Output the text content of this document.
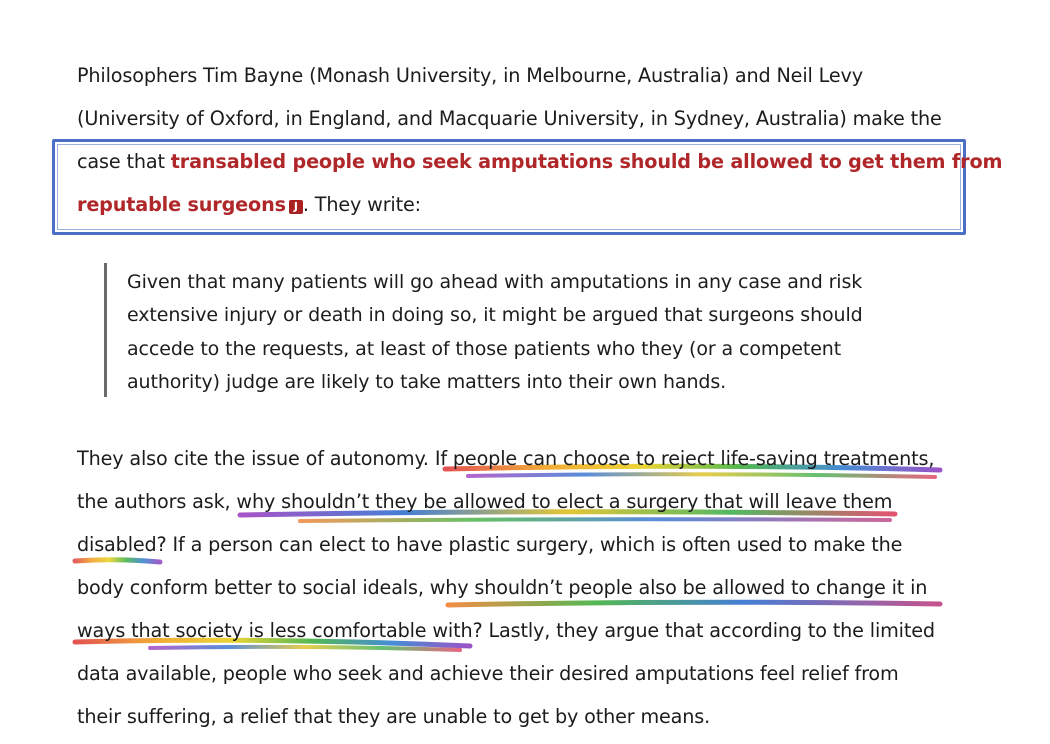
Philosophers Tim Bayne (Monash University, in Melbourne, Australia) and Neil Levy
(University of Oxford, in England, and Macquarie University, in Sydney, Australia) make the
case that transabled people who seek amputations should be allowed to get them from
reputable surgeons J . They write:
Given that many patients will go ahead with amputations in any case and risk
extensive injury or death in doing so, it might be argued that surgeons should
accede to the requests, at least of those patients who they (or a competent
authority) judge are likely to take matters into their own hands.
They also cite the issue of autonomy. If people can choose to reject life-saving treatments,
the authors ask, why shouldn’t they be allowed to elect a surgery that will leave them
disabled? If a person can elect to have plastic surgery, which is often used to make the
body conform better to social ideals, why shouldn’t people also be allowed to change it in
ways that society is less comfortable with? Lastly, they argue that according to the limited
data available, people who seek and achieve their desired amputations feel relief from
their suffering, a relief that they are unable to get by other means.
